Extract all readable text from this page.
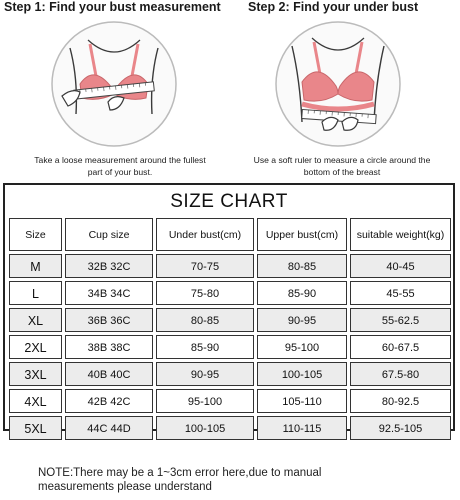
Step 1: Find your bust measurement Step 2: Find your under bust
Take a loose measurement around the fullest
part of your bust.
Use a soft ruler to measure a circle around the
bottom of the breast
SIZE CHART
Size	Cup size	Under bust(cm)	Upper bust(cm)	suitable weight(kg)
M	32B 32C	70-75	80-85	40-45
L	34B 34C	75-80	85-90	45-55
XL	36B 36C	80-85	90-95	55-62.5
2XL	38B 38C	85-90	95-100	60-67.5
3XL	40B 40C	90-95	100-105	67.5-80
4XL	42B 42C	95-100	105-110	80-92.5
5XL	44C 44D	100-105	110-115	92.5-105
NOTE:There may be a 1~3cm error here,due to manual
measurements please understand
